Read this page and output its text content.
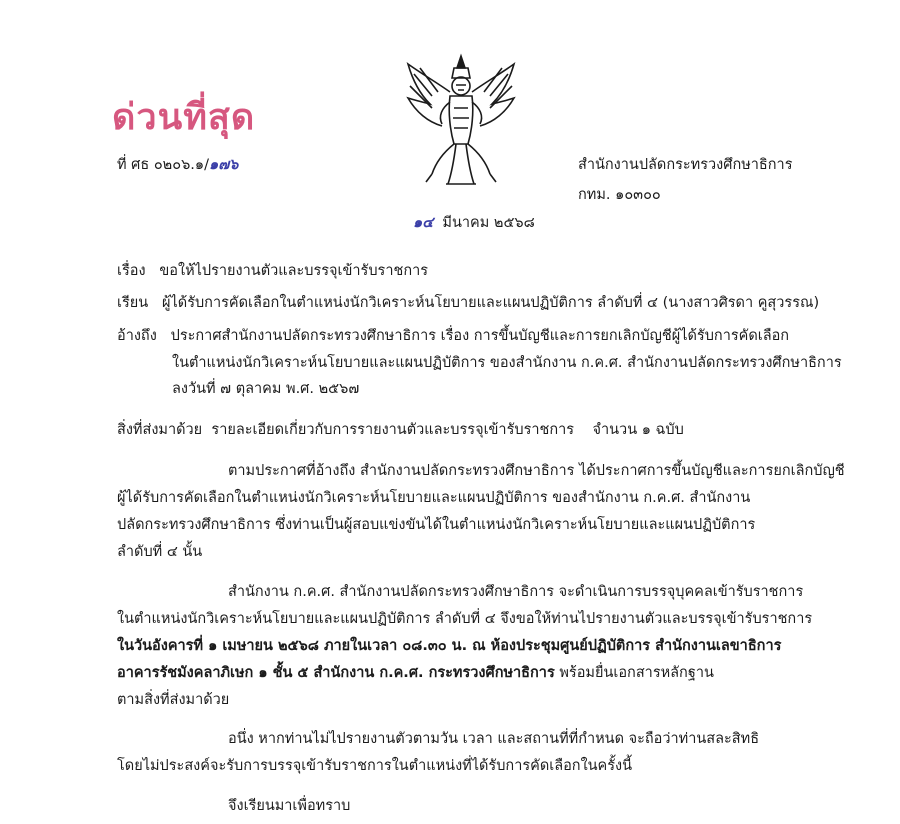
ด่วนที่สุด
ที่ ศธ ๐๒๐๖.๑/๑๗๖	สำนักงานปลัดกระทรวงศึกษาธิการ
กทม. ๑๐๓๐๐
๑๔ มีนาคม ๒๕๖๘
เรื่อง ขอให้ไปรายงานตัวและบรรจุเข้ารับราชการ
เรียน ผู้ได้รับการคัดเลือกในตำแหน่งนักวิเคราะห์นโยบายและแผนปฏิบัติการ ลำดับที่ ๔ (นางสาวศิรดา คูสุวรรณ)
อ้างถึง ประกาศสำนักงานปลัดกระทรวงศึกษาธิการ เรื่อง การขึ้นบัญชีและการยกเลิกบัญชีผู้ได้รับการคัดเลือก
ในตำแหน่งนักวิเคราะห์นโยบายและแผนปฏิบัติการ ของสำนักงาน ก.ค.ศ. สำนักงานปลัดกระทรวงศึกษาธิการ
ลงวันที่ ๗ ตุลาคม พ.ศ. ๒๕๖๗
สิ่งที่ส่งมาด้วย รายละเอียดเกี่ยวกับการรายงานตัวและบรรจุเข้ารับราชการ จำนวน ๑ ฉบับ
ตามประกาศที่อ้างถึง สำนักงานปลัดกระทรวงศึกษาธิการ ได้ประกาศการขึ้นบัญชีและการยกเลิกบัญชี
ผู้ได้รับการคัดเลือกในตำแหน่งนักวิเคราะห์นโยบายและแผนปฏิบัติการ ของสำนักงาน ก.ค.ศ. สำนักงาน
ปลัดกระทรวงศึกษาธิการ ซึ่งท่านเป็นผู้สอบแข่งขันได้ในตำแหน่งนักวิเคราะห์นโยบายและแผนปฏิบัติการ
ลำดับที่ ๔ นั้น
สำนักงาน ก.ค.ศ. สำนักงานปลัดกระทรวงศึกษาธิการ จะดำเนินการบรรจุบุคคลเข้ารับราชการ
ในตำแหน่งนักวิเคราะห์นโยบายและแผนปฏิบัติการ ลำดับที่ ๔ จึงขอให้ท่านไปรายงานตัวและบรรจุเข้ารับราชการ
ในวันอังคารที่ ๑ เมษายน ๒๕๖๘ ภายในเวลา ๐๘.๓๐ น. ณ ห้องประชุมศูนย์ปฏิบัติการ สำนักงานเลขาธิการ
อาคารรัชมังคลาภิเษก ๑ ชั้น ๕ สำนักงาน ก.ค.ศ. กระทรวงศึกษาธิการ พร้อมยื่นเอกสารหลักฐาน
ตามสิ่งที่ส่งมาด้วย
อนึ่ง หากท่านไม่ไปรายงานตัวตามวัน เวลา และสถานที่ที่กำหนด จะถือว่าท่านสละสิทธิ
โดยไม่ประสงค์จะรับการบรรจุเข้ารับราชการในตำแหน่งที่ได้รับการคัดเลือกในครั้งนี้
จึงเรียนมาเพื่อทราบ
